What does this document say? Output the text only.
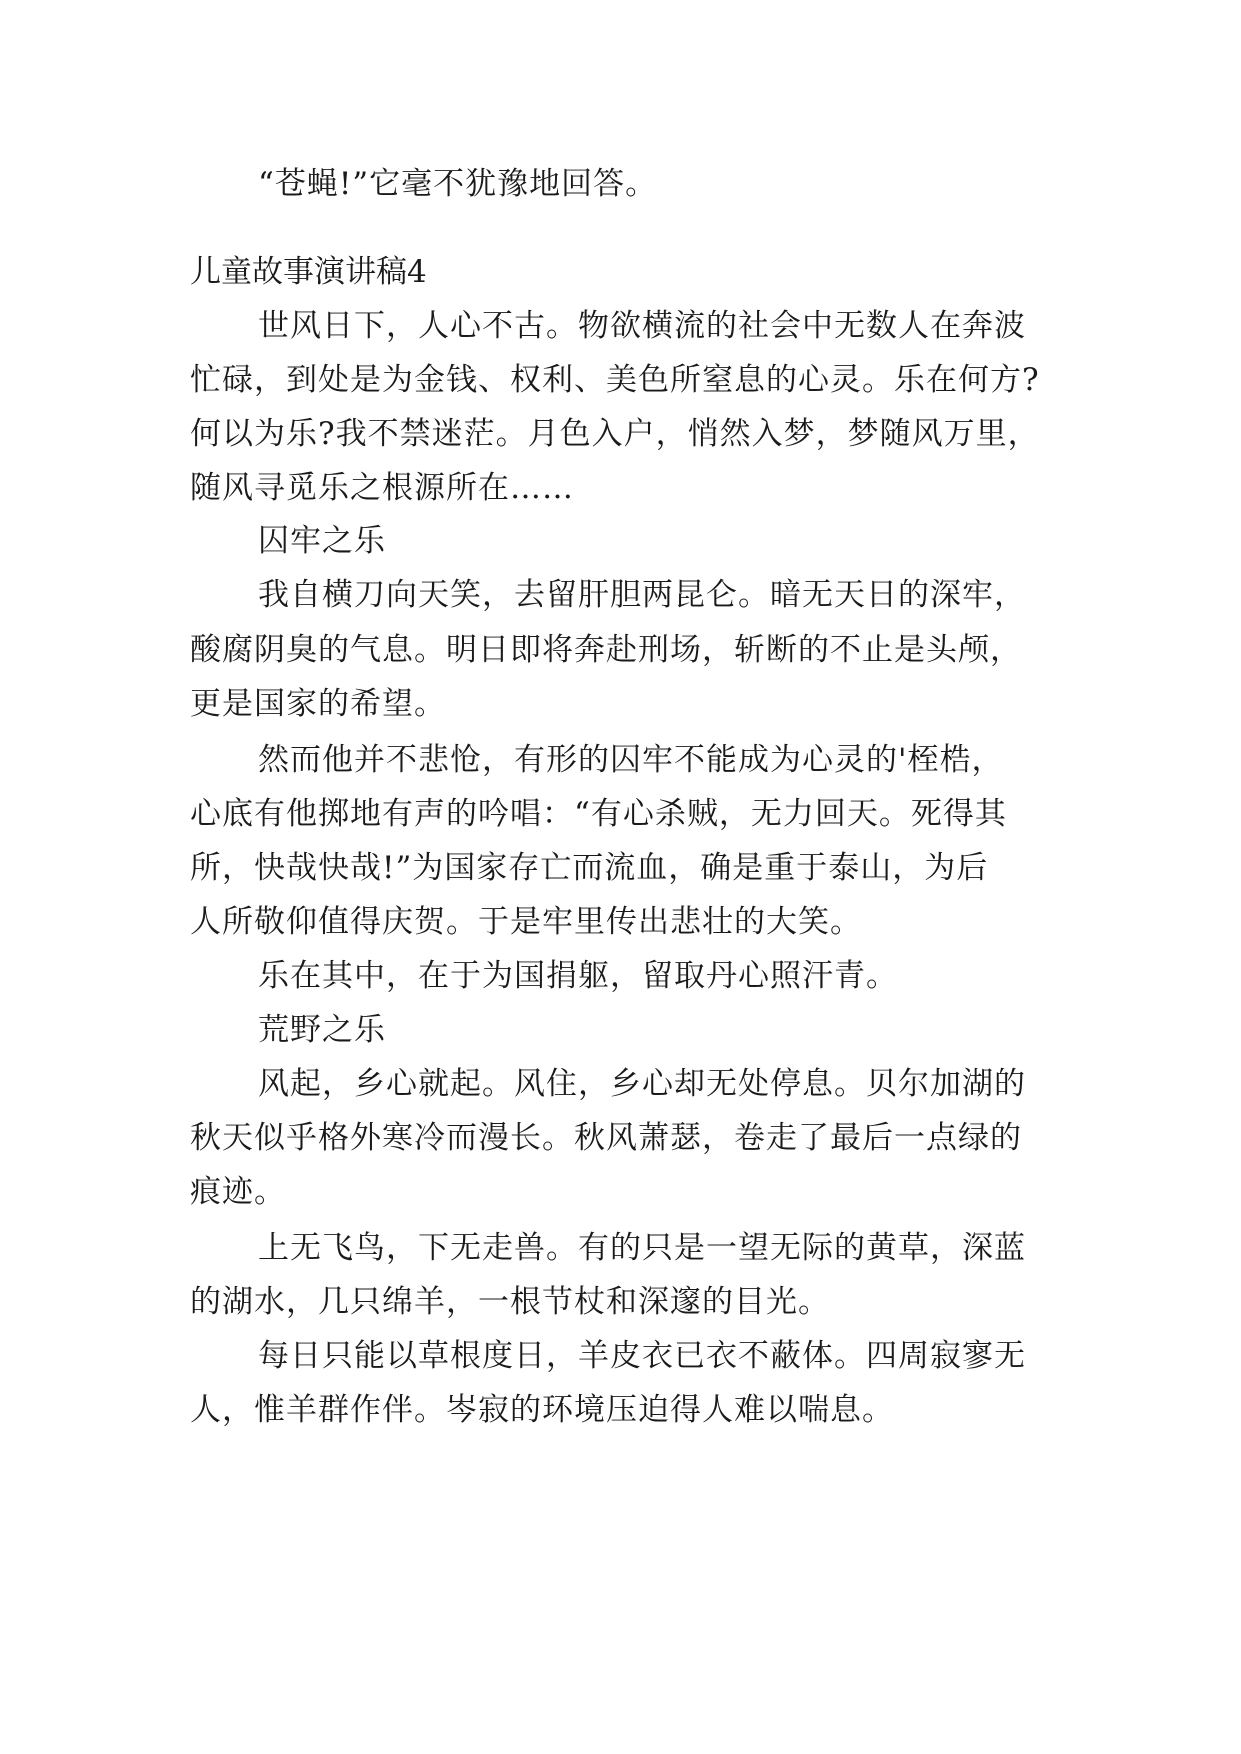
“苍蝇!”它毫不犹豫地回答。
儿童故事演讲稿4
世风日下，人心不古。物欲横流的社会中无数人在奔波
忙碌，到处是为金钱、权利、美色所窒息的心灵。乐在何方?
何以为乐?我不禁迷茫。月色入户，悄然入梦，梦随风万里，
随风寻觅乐之根源所在……
囚牢之乐
我自横刀向天笑，去留肝胆两昆仑。暗无天日的深牢，
酸腐阴臭的气息。明日即将奔赴刑场，斩断的不止是头颅，
更是国家的希望。
然而他并不悲怆，有形的囚牢不能成为心灵的'桎梏，
心底有他掷地有声的吟唱：“有心杀贼，无力回天。死得其
所，快哉快哉!”为国家存亡而流血，确是重于泰山，为后
人所敬仰值得庆贺。于是牢里传出悲壮的大笑。
乐在其中，在于为国捐躯，留取丹心照汗青。
荒野之乐
风起，乡心就起。风住，乡心却无处停息。贝尔加湖的
秋天似乎格外寒冷而漫长。秋风萧瑟，卷走了最后一点绿的
痕迹。
上无飞鸟，下无走兽。有的只是一望无际的黄草，深蓝
的湖水，几只绵羊，一根节杖和深邃的目光。
每日只能以草根度日，羊皮衣已衣不蔽体。四周寂寥无
人，惟羊群作伴。岑寂的环境压迫得人难以喘息。
